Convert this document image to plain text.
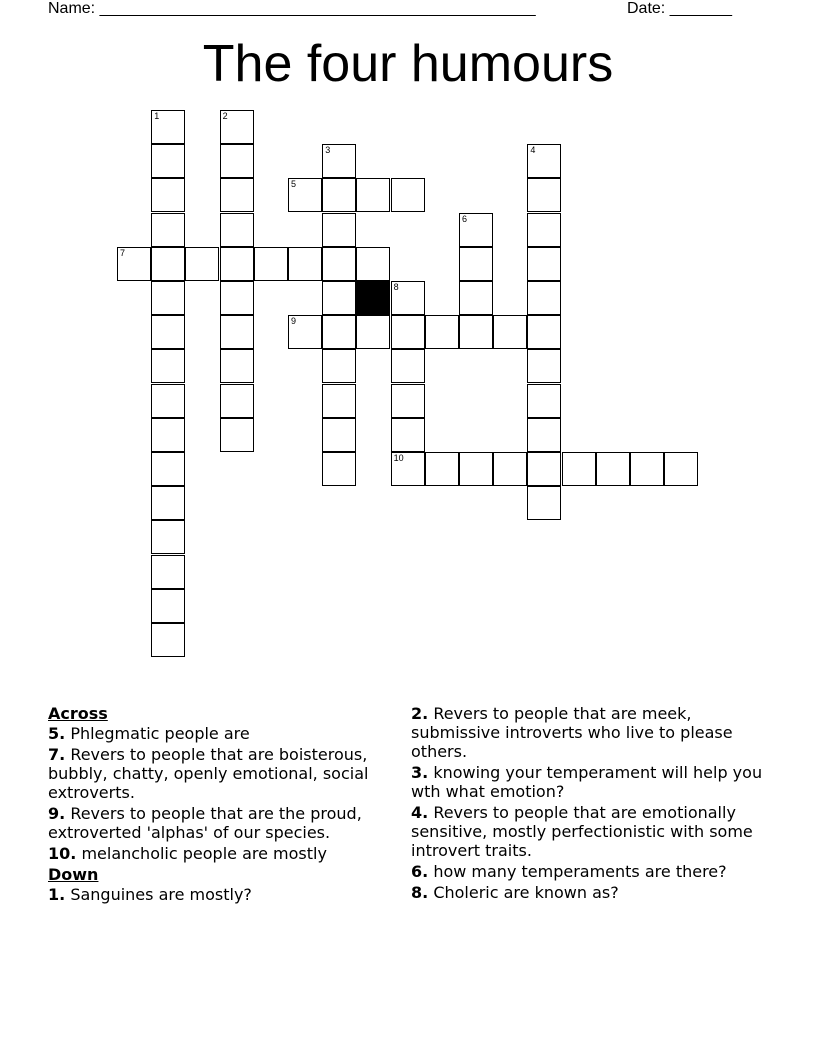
Name: _________________________________________________	Date: _______
The four humours
1	2
3	4
5
6
7
8
10
9
Across
5. Phlegmatic people are
7. Revers to people that are boisterous, bubbly, chatty, openly emotional, social extroverts.
9. Revers to people that are the proud, extroverted 'alphas' of our species.
10. melancholic people are mostly
Down
1. Sanguines are mostly?
2. Revers to people that are meek, submissive introverts who live to please others.
3. knowing your temperament will help you wth what emotion?
4. Revers to people that are emotionally sensitive, mostly perfectionistic with some introvert traits.
6. how many temperaments are there?
8. Choleric are known as?
